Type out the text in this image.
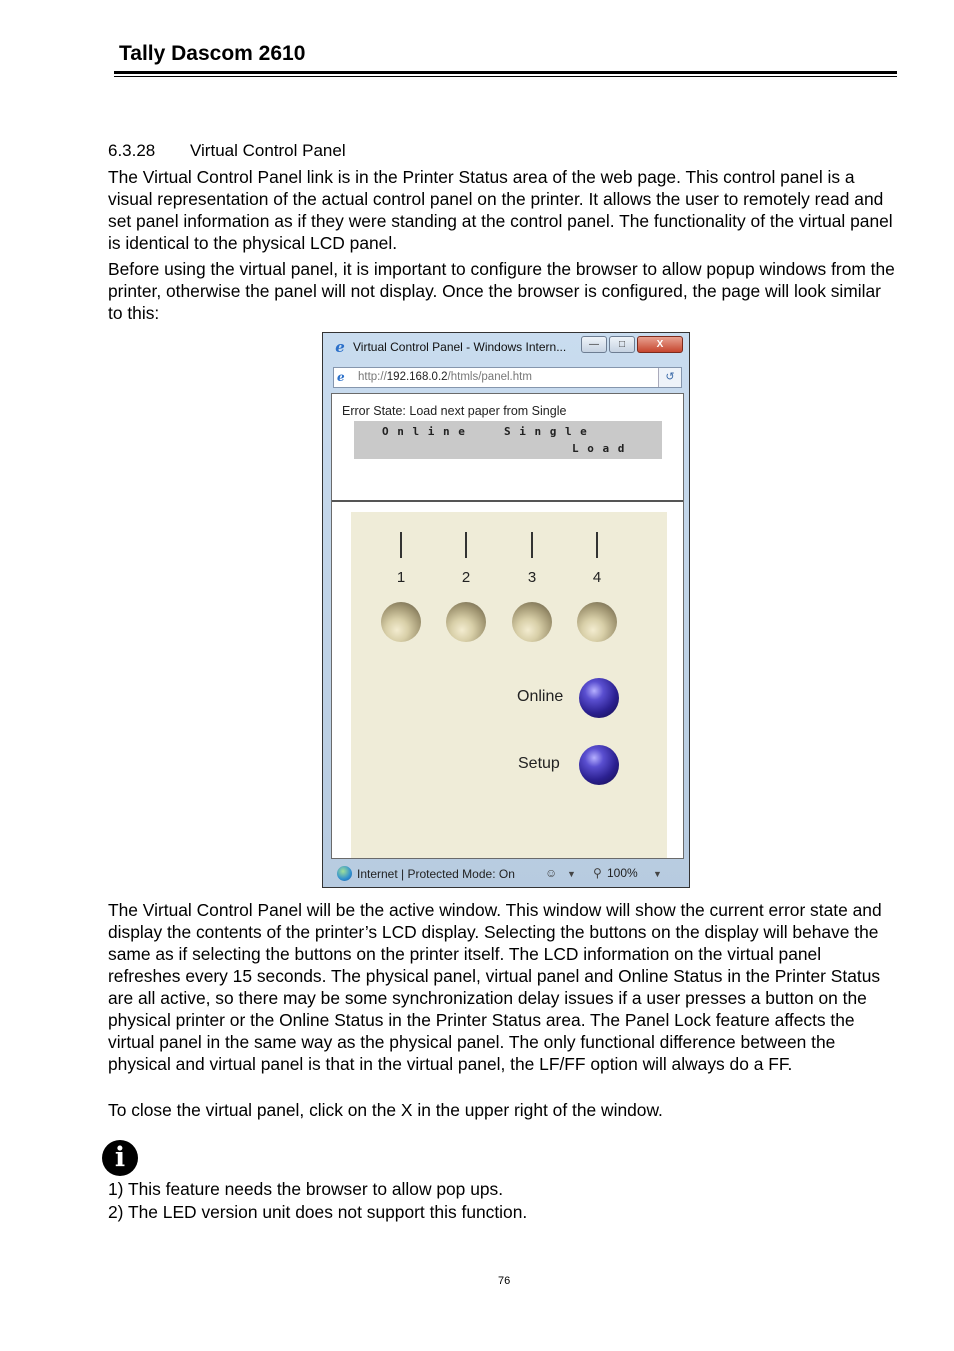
Tally Dascom 2610
6.3.28 Virtual Control Panel

The Virtual Control Panel link is in the Printer Status area of the web page. This control panel is a visual representation of the actual control panel on the printer. It allows the user to remotely read and set panel information as if they were standing at the control panel. The functionality of the virtual panel is identical to the physical LCD panel.

Before using the virtual panel, it is important to configure the browser to allow popup windows from the printer, otherwise the panel will not display. Once the browser is configured, the page will look similar to this:

e Virtual Control Panel - Windows Intern...	—	□	X
e	http://192.168.0.2/htmls/panel.htm	↺
Error State: Load next paper from Single
O n l i n e     S i n g l e
L o a d
1	2	3	4
Online
Setup
Internet | Protected Mode: On	☺ ▼ ⚲ 100% ▼

The Virtual Control Panel will be the active window. This window will show the current error state and display the contents of the printer’s LCD display. Selecting the buttons on the display will behave the same as if selecting the buttons on the printer itself. The LCD information on the virtual panel refreshes every 15 seconds. The physical panel, virtual panel and Online Status in the Printer Status are all active, so there may be some synchronization delay issues if a user presses a button on the physical printer or the Online Status in the Printer Status area. The Panel Lock feature affects the virtual panel in the same way as the physical panel. The only functional difference between the physical and virtual panel is that in the virtual panel, the LF/FF option will always do a FF.

To close the virtual panel, click on the X in the upper right of the window.

i
1) This feature needs the browser to allow pop ups.
2) The LED version unit does not support this function.
76
